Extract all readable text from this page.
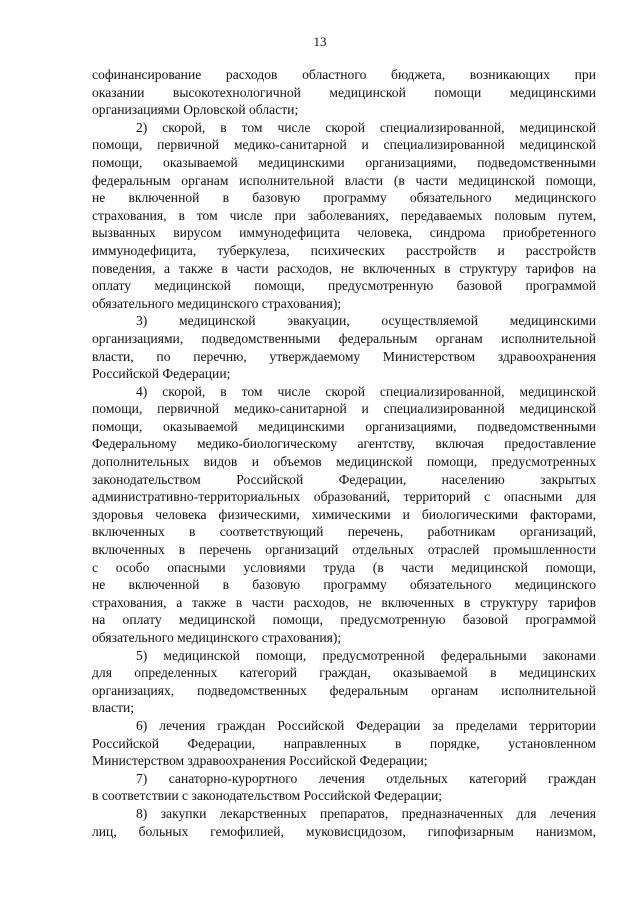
13
софинансирование расходов областного бюджета, возникающих при
оказании высокотехнологичной медицинской помощи медицинскими
организациями Орловской области;
2) скорой, в том числе скорой специализированной, медицинской
помощи, первичной медико-санитарной и специализированной медицинской
помощи, оказываемой медицинскими организациями, подведомственными
федеральным органам исполнительной власти (в части медицинской помощи,
не включенной в базовую программу обязательного медицинского
страхования, в том числе при заболеваниях, передаваемых половым путем,
вызванных вирусом иммунодефицита человека, синдрома приобретенного
иммунодефицита, туберкулеза, психических расстройств и расстройств
поведения, а также в части расходов, не включенных в структуру тарифов на
оплату медицинской помощи, предусмотренную базовой программой
обязательного медицинского страхования);
3) медицинской эвакуации, осуществляемой медицинскими
организациями, подведомственными федеральным органам исполнительной
власти, по перечню, утверждаемому Министерством здравоохранения
Российской Федерации;
4) скорой, в том числе скорой специализированной, медицинской
помощи, первичной медико-санитарной и специализированной медицинской
помощи, оказываемой медицинскими организациями, подведомственными
Федеральному медико-биологическому агентству, включая предоставление
дополнительных видов и объемов медицинской помощи, предусмотренных
законодательством Российской Федерации, населению закрытых
административно-территориальных образований, территорий с опасными для
здоровья человека физическими, химическими и биологическими факторами,
включенных в соответствующий перечень, работникам организаций,
включенных в перечень организаций отдельных отраслей промышленности
с особо опасными условиями труда (в части медицинской помощи,
не включенной в базовую программу обязательного медицинского
страхования, а также в части расходов, не включенных в структуру тарифов
на оплату медицинской помощи, предусмотренную базовой программой
обязательного медицинского страхования);
5) медицинской помощи, предусмотренной федеральными законами
для определенных категорий граждан, оказываемой в медицинских
организациях, подведомственных федеральным органам исполнительной
власти;
6) лечения граждан Российской Федерации за пределами территории
Российской Федерации, направленных в порядке, установленном
Министерством здравоохранения Российской Федерации;
7) санаторно-курортного лечения отдельных категорий граждан
в соответствии с законодательством Российской Федерации;
8) закупки лекарственных препаратов, предназначенных для лечения
лиц, больных гемофилией, муковисцидозом, гипофизарным нанизмом,
